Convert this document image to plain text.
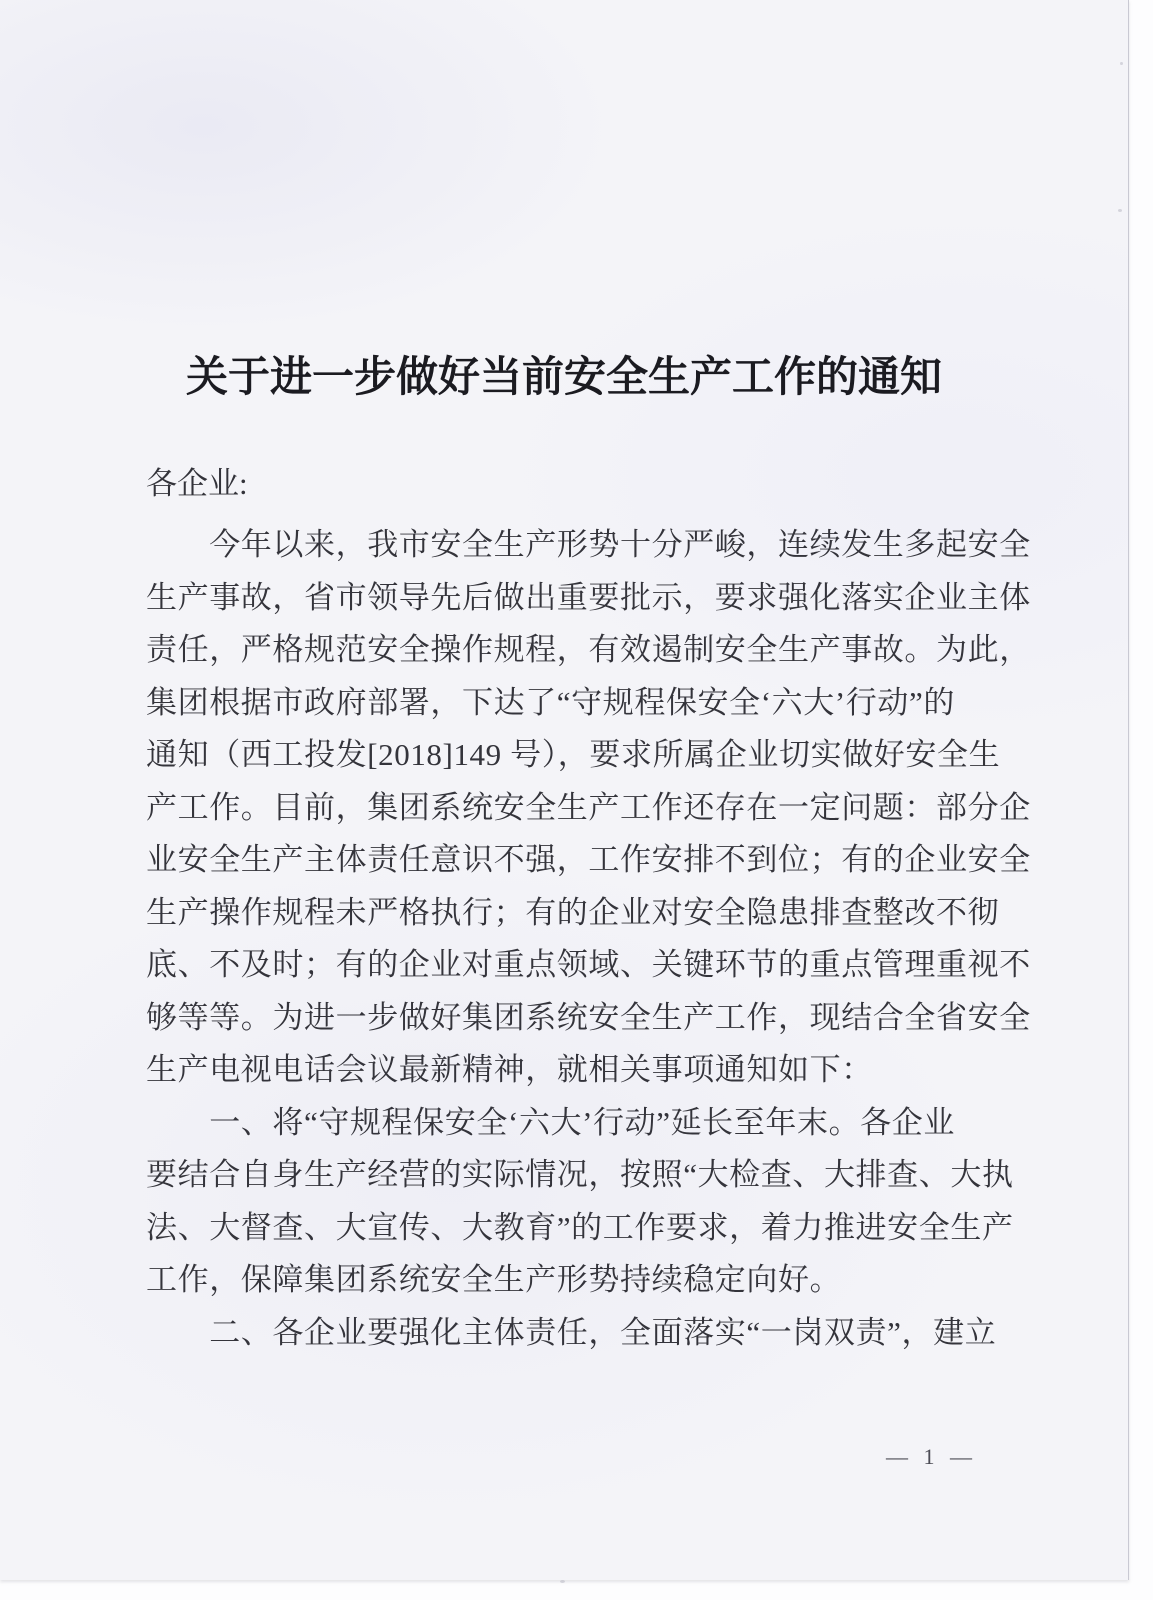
关于进一步做好当前安全生产工作的通知
各企业:
　　今年以来，我市安全生产形势十分严峻，连续发生多起安全
生产事故，省市领导先后做出重要批示，要求强化落实企业主体
责任，严格规范安全操作规程，有效遏制安全生产事故。为此，
集团根据市政府部署，下达了“守规程保安全‘六大’行动”的
通知（西工投发[2018]149 号），要求所属企业切实做好安全生
产工作。目前，集团系统安全生产工作还存在一定问题：部分企
业安全生产主体责任意识不强，工作安排不到位；有的企业安全
生产操作规程未严格执行；有的企业对安全隐患排查整改不彻
底、不及时；有的企业对重点领域、关键环节的重点管理重视不
够等等。为进一步做好集团系统安全生产工作，现结合全省安全
生产电视电话会议最新精神，就相关事项通知如下：
　　一、将“守规程保安全‘六大’行动”延长至年末。各企业
要结合自身生产经营的实际情况，按照“大检查、大排查、大执
法、大督查、大宣传、大教育”的工作要求，着力推进安全生产
工作，保障集团系统安全生产形势持续稳定向好。
　　二、各企业要强化主体责任，全面落实“一岗双责”，建立
— 1 —
